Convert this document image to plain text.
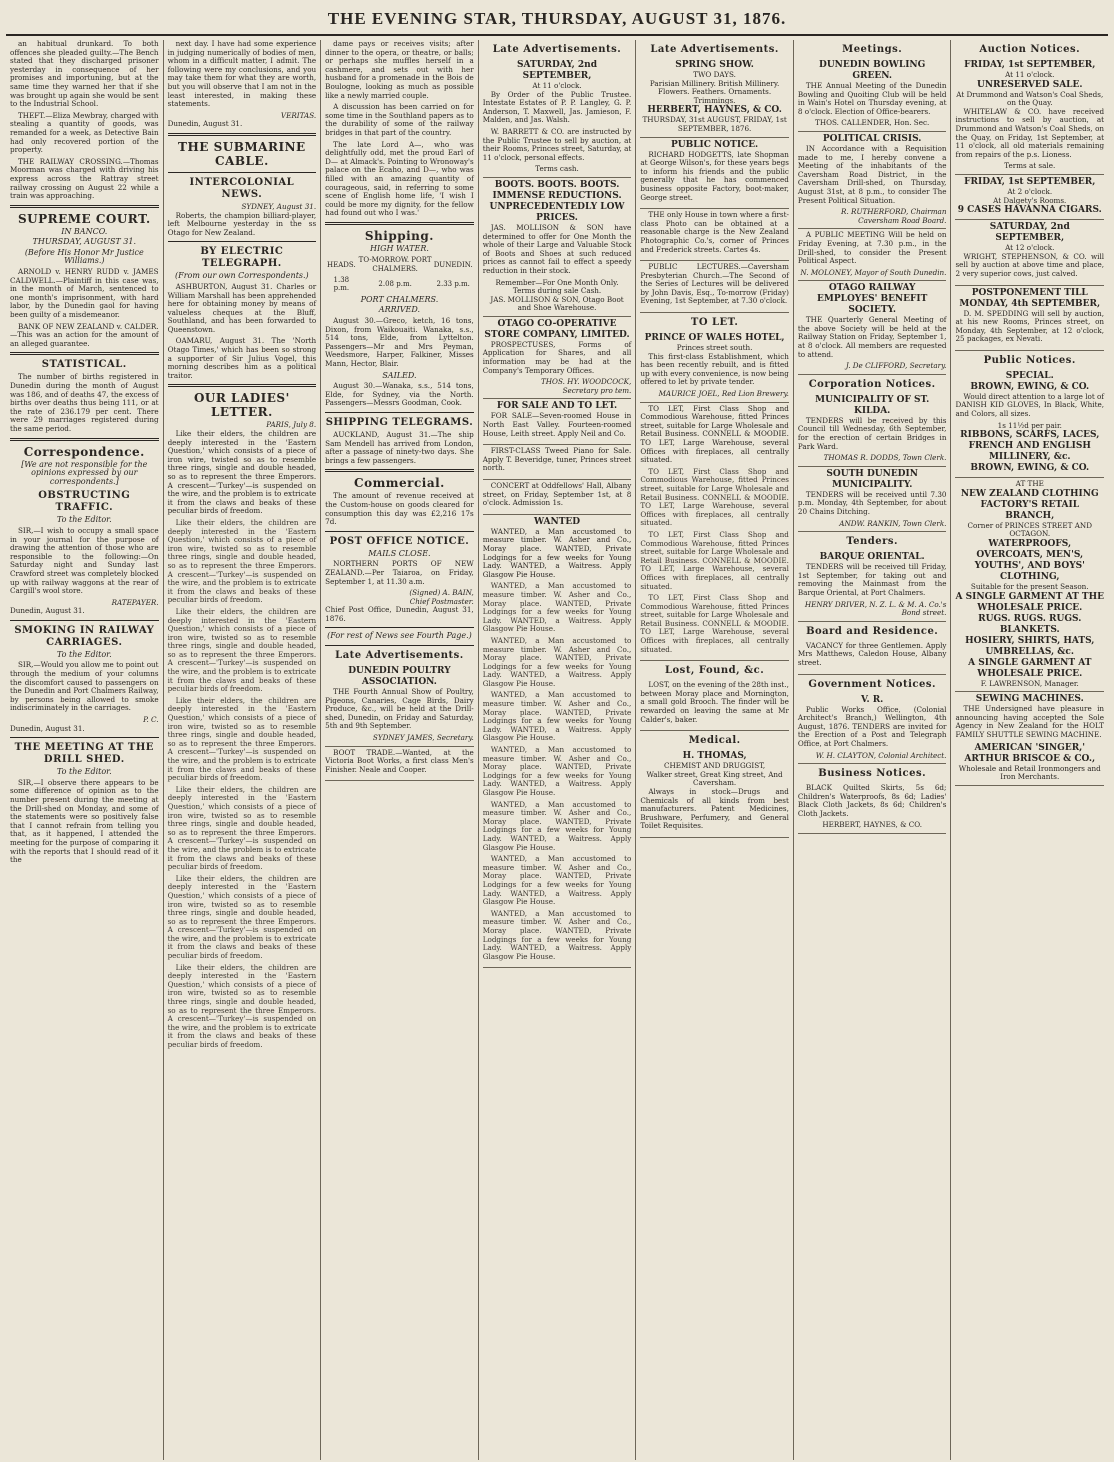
THE EVENING STAR, THURSDAY, AUGUST 31, 1876.

an habitual drunkard. To both offences she pleaded guilty.—The Bench stated that they discharged prisoner yesterday in consequence of her promises and importuning, but at the same time they warned her that if she was brought up again she would be sent to the Industrial School.

THEFT.—Eliza Mewbray, charged with stealing a quantity of goods, was remanded for a week, as Detective Bain had only recovered portion of the property.

THE RAILWAY CROSSING.—Thomas Moorman was charged with driving his express across the Rattray street railway crossing on August 22 while a train was approaching.

SUPREME COURT.
IN BANCO.
THURSDAY, AUGUST 31.
(Before His Honor Mr Justice Williams.)

ARNOLD v. HENRY RUDD v. JAMES CALDWELL.—Plaintiff in this case was, in the month of March, sentenced to one month's imprisonment, with hard labor, by the Dunedin gaol for having been guilty of a misdemeanor.

BANK OF NEW ZEALAND v. CALDER.—This was an action for the amount of an alleged guarantee.

STATISTICAL.

The number of births registered in Dunedin during the month of August was 186, and of deaths 47, the excess of births over deaths thus being 111, or at the rate of 236.179 per cent. There were 29 marriages registered during the same period.

Correspondence.
[We are not responsible for the opinions expressed by our correspondents.]
OBSTRUCTING TRAFFIC.
To the Editor.

SIR,—I wish to occupy a small space in your journal for the purpose of drawing the attention of those who are responsible to the following:—On Saturday night and Sunday last Crawford street was completely blocked up with railway waggons at the rear of Cargill's wool store.

RATEPAYER.
Dunedin, August 31.
SMOKING IN RAILWAY CARRIAGES.
To the Editor.

SIR,—Would you allow me to point out through the medium of your columns the discomfort caused to passengers on the Dunedin and Port Chalmers Railway, by persons being allowed to smoke indiscriminately in the carriages.

P. C.
Dunedin, August 31.
THE MEETING AT THE DRILL SHED.
To the Editor.

SIR,—I observe there appears to be some difference of opinion as to the number present during the meeting at the Drill-shed on Monday, and some of the statements were so positively false that I cannot refrain from telling you that, as it happened, I attended the meeting for the purpose of comparing it with the reports that I should read of it the

next day. I have had some experience in judging numerically of bodies of men, whom in a difficult matter, I admit. The following were my conclusions, and you may take them for what they are worth, but you will observe that I am not in the least interested, in making these statements.

VERITAS.
Dunedin, August 31.
THE SUBMARINE CABLE.
INTERCOLONIAL NEWS.
SYDNEY, August 31.

Roberts, the champion billiard-player, left Melbourne yesterday in the ss Otago for New Zealand.

BY ELECTRIC TELEGRAPH.
(From our own Correspondents.)

ASHBURTON, August 31. Charles or William Marshall has been apprehended here for obtaining money by means of valueless cheques at the Bluff, Southland, and has been forwarded to Queenstown.

OAMARU, August 31. The 'North Otago Times,' which has been so strong a supporter of Sir Julius Vogel, this morning describes him as a political traitor.

OUR LADIES' LETTER.
PARIS, July 8.

Like their elders, the children are deeply interested in the 'Eastern Question,' which consists of a piece of iron wire, twisted so as to resemble three rings, single and double headed, so as to represent the three Emperors. A crescent—'Turkey'—is suspended on the wire, and the problem is to extricate it from the claws and beaks of these peculiar birds of freedom.

Like their elders, the children are deeply interested in the 'Eastern Question,' which consists of a piece of iron wire, twisted so as to resemble three rings, single and double headed, so as to represent the three Emperors. A crescent—'Turkey'—is suspended on the wire, and the problem is to extricate it from the claws and beaks of these peculiar birds of freedom.

Like their elders, the children are deeply interested in the 'Eastern Question,' which consists of a piece of iron wire, twisted so as to resemble three rings, single and double headed, so as to represent the three Emperors. A crescent—'Turkey'—is suspended on the wire, and the problem is to extricate it from the claws and beaks of these peculiar birds of freedom.

Like their elders, the children are deeply interested in the 'Eastern Question,' which consists of a piece of iron wire, twisted so as to resemble three rings, single and double headed, so as to represent the three Emperors. A crescent—'Turkey'—is suspended on the wire, and the problem is to extricate it from the claws and beaks of these peculiar birds of freedom.

Like their elders, the children are deeply interested in the 'Eastern Question,' which consists of a piece of iron wire, twisted so as to resemble three rings, single and double headed, so as to represent the three Emperors. A crescent—'Turkey'—is suspended on the wire, and the problem is to extricate it from the claws and beaks of these peculiar birds of freedom.

Like their elders, the children are deeply interested in the 'Eastern Question,' which consists of a piece of iron wire, twisted so as to resemble three rings, single and double headed, so as to represent the three Emperors. A crescent—'Turkey'—is suspended on the wire, and the problem is to extricate it from the claws and beaks of these peculiar birds of freedom.

Like their elders, the children are deeply interested in the 'Eastern Question,' which consists of a piece of iron wire, twisted so as to resemble three rings, single and double headed, so as to represent the three Emperors. A crescent—'Turkey'—is suspended on the wire, and the problem is to extricate it from the claws and beaks of these peculiar birds of freedom.

dame pays or receives visits; after dinner to the opera, or theatre, or balls; or perhaps she muffles herself in a cashmere, and sets out with her husband for a promenade in the Bois de Boulogne, looking as much as possible like a newly married couple.

A discussion has been carried on for some time in the Southland papers as to the durability of some of the railway bridges in that part of the country.

The late Lord A—, who was delightfully odd, met the proud Earl of D— at Almack's. Pointing to Wronoway's palace on the Ecaho, and D—, who was filled with an amazing quantity of courageous, said, in referring to some scene of English home life, 'I wish I could be more my dignity, for the fellow had found out who I was.'

Shipping.
HIGH WATER.
HEADS.	TO-MORROW. PORT CHALMERS.	DUNEDIN.
1.38 p.m.	2.08 p.m.	2.33 p.m.
PORT CHALMERS.
ARRIVED.

August 30.—Greco, ketch, 16 tons, Dixon, from Waikouaiti. Wanaka, s.s., 514 tons, Elde, from Lyttelton. Passengers—Mr and Mrs Peyman, Weedsmore, Harper, Falkiner, Misses Mann, Hector, Blair.

SAILED.

August 30.—Wanaka, s.s., 514 tons, Elde, for Sydney, via the North. Passengers—Messrs Goodman, Cook.

SHIPPING TELEGRAMS.

AUCKLAND, August 31.—The ship Sam Mendell has arrived from London, after a passage of ninety-two days. She brings a few passengers.

Commercial.

The amount of revenue received at the Custom-house on goods cleared for consumption this day was £2,216 17s 7d.

POST OFFICE NOTICE.
MAILS CLOSE.

NORTHERN PORTS OF NEW ZEALAND.—Per Taiaroa, on Friday, September 1, at 11.30 a.m.

(Signed) A. BAIN,
Chief Postmaster.
Chief Post Office, Dunedin, August 31, 1876.
(For rest of News see Fourth Page.)
Late Advertisements.
DUNEDIN POULTRY ASSOCIATION.

THE Fourth Annual Show of Poultry, Pigeons, Canaries, Cage Birds, Dairy Produce, &c., will be held at the Drill-shed, Dunedin, on Friday and Saturday, 5th and 9th September.

SYDNEY JAMES, Secretary.

BOOT TRADE.—Wanted, at the Victoria Boot Works, a first class Men's Finisher. Neale and Cooper.

Late Advertisements.
SATURDAY, 2nd SEPTEMBER,
At 11 o'clock.

By Order of the Public Trustee. Intestate Estates of P. P. Langley, G. P. Anderson, T. Maxwell, Jas. Jamieson, F. Malden, and Jas. Walsh.

W. BARRETT & CO. are instructed by the Public Trustee to sell by auction, at their Rooms, Princes street, Saturday, at 11 o'clock, personal effects.

Terms cash.
BOOTS. BOOTS. BOOTS.
IMMENSE REDUCTIONS.
UNPRECEDENTEDLY LOW PRICES.

JAS. MOLLISON & SON have determined to offer for One Month the whole of their Large and Valuable Stock of Boots and Shoes at such reduced prices as cannot fail to effect a speedy reduction in their stock.

Remember—For One Month Only.
Terms during sale Cash.
JAS. MOLLISON & SON, Otago Boot and Shoe Warehouse.
OTAGO CO-OPERATIVE STORE COMPANY, LIMITED.

PROSPECTUSES, Forms of Application for Shares, and all information may be had at the Company's Temporary Offices.

THOS. HY. WOODCOCK,
Secretary pro tem.
FOR SALE AND TO LET.

FOR SALE—Seven-roomed House in North East Valley. Fourteen-roomed House, Leith street. Apply Neil and Co.

FIRST-CLASS Tweed Piano for Sale. Apply T. Beveridge, tuner, Princes street north.

CONCERT at Oddfellows' Hall, Albany street, on Friday, September 1st, at 8 o'clock. Admission 1s.

WANTED

WANTED, a Man accustomed to measure timber. W. Asher and Co., Moray place. WANTED, Private Lodgings for a few weeks for Young Lady. WANTED, a Waitress. Apply Glasgow Pie House.

WANTED, a Man accustomed to measure timber. W. Asher and Co., Moray place. WANTED, Private Lodgings for a few weeks for Young Lady. WANTED, a Waitress. Apply Glasgow Pie House.

WANTED, a Man accustomed to measure timber. W. Asher and Co., Moray place. WANTED, Private Lodgings for a few weeks for Young Lady. WANTED, a Waitress. Apply Glasgow Pie House.

WANTED, a Man accustomed to measure timber. W. Asher and Co., Moray place. WANTED, Private Lodgings for a few weeks for Young Lady. WANTED, a Waitress. Apply Glasgow Pie House.

WANTED, a Man accustomed to measure timber. W. Asher and Co., Moray place. WANTED, Private Lodgings for a few weeks for Young Lady. WANTED, a Waitress. Apply Glasgow Pie House.

WANTED, a Man accustomed to measure timber. W. Asher and Co., Moray place. WANTED, Private Lodgings for a few weeks for Young Lady. WANTED, a Waitress. Apply Glasgow Pie House.

WANTED, a Man accustomed to measure timber. W. Asher and Co., Moray place. WANTED, Private Lodgings for a few weeks for Young Lady. WANTED, a Waitress. Apply Glasgow Pie House.

WANTED, a Man accustomed to measure timber. W. Asher and Co., Moray place. WANTED, Private Lodgings for a few weeks for Young Lady. WANTED, a Waitress. Apply Glasgow Pie House.

Late Advertisements.
SPRING SHOW.
TWO DAYS.
Parisian Millinery. British Millinery. Flowers. Feathers. Ornaments. Trimmings.
HERBERT, HAYNES, & CO.
THURSDAY, 31st AUGUST, FRIDAY, 1st SEPTEMBER, 1876.
PUBLIC NOTICE.

RICHARD HODGETTS, late Shopman at George Wilson's, for these years begs to inform his friends and the public generally that he has commenced business opposite Factory, boot-maker, George street.

THE only House in town where a first-class Photo can be obtained at a reasonable charge is the New Zealand Photographic Co.'s, corner of Princes and Frederick streets. Cartes 4s.

PUBLIC LECTURES.—Caversham Presbyterian Church.—The Second of the Series of Lectures will be delivered by John Davis, Esq., To-morrow (Friday) Evening, 1st September, at 7.30 o'clock.

TO LET.
PRINCE OF WALES HOTEL,
Princes street south.

This first-class Establishment, which has been recently rebuilt, and is fitted up with every convenience, is now being offered to let by private tender.

MAURICE JOEL, Red Lion Brewery.

TO LET, First Class Shop and Commodious Warehouse, fitted Princes street, suitable for Large Wholesale and Retail Business. CONNELL & MOODIE. TO LET, Large Warehouse, several Offices with fireplaces, all centrally situated.

TO LET, First Class Shop and Commodious Warehouse, fitted Princes street, suitable for Large Wholesale and Retail Business. CONNELL & MOODIE. TO LET, Large Warehouse, several Offices with fireplaces, all centrally situated.

TO LET, First Class Shop and Commodious Warehouse, fitted Princes street, suitable for Large Wholesale and Retail Business. CONNELL & MOODIE. TO LET, Large Warehouse, several Offices with fireplaces, all centrally situated.

TO LET, First Class Shop and Commodious Warehouse, fitted Princes street, suitable for Large Wholesale and Retail Business. CONNELL & MOODIE. TO LET, Large Warehouse, several Offices with fireplaces, all centrally situated.

Lost, Found, &c.

LOST, on the evening of the 28th inst., between Moray place and Mornington, a small gold Brooch. The finder will be rewarded on leaving the same at Mr Calder's, baker.

Medical.
H. THOMAS,
CHEMIST AND DRUGGIST,
Walker street, Great King street, And Caversham.

Always in stock—Drugs and Chemicals of all kinds from best manufacturers. Patent Medicines, Brushware, Perfumery, and General Toilet Requisites.

Meetings.
DUNEDIN BOWLING GREEN.

THE Annual Meeting of the Dunedin Bowling and Quoiting Club will be held in Wain's Hotel on Thursday evening, at 8 o'clock. Election of Office-bearers.

THOS. CALLENDER, Hon. Sec.
POLITICAL CRISIS.

IN Accordance with a Requisition made to me, I hereby convene a Meeting of the inhabitants of the Caversham Road District, in the Caversham Drill-shed, on Thursday, August 31st, at 8 p.m., to consider The Present Political Situation.

R. RUTHERFORD, Chairman Caversham Road Board.

A PUBLIC MEETING Will be held on Friday Evening, at 7.30 p.m., in the Drill-shed, to consider the Present Political Aspect.

N. MOLONEY, Mayor of South Dunedin.
OTAGO RAILWAY EMPLOYES' BENEFIT SOCIETY.

THE Quarterly General Meeting of the above Society will be held at the Railway Station on Friday, September 1, at 8 o'clock. All members are requested to attend.

J. De CLIFFORD, Secretary.
Corporation Notices.
MUNICIPALITY OF ST. KILDA.

TENDERS will be received by this Council till Wednesday, 6th September, for the erection of certain Bridges in Park Ward.

THOMAS R. DODDS, Town Clerk.
SOUTH DUNEDIN MUNICIPALITY.

TENDERS will be received until 7.30 p.m. Monday, 4th September, for about 20 Chains Ditching.

ANDW. RANKIN, Town Clerk.
Tenders.
BARQUE ORIENTAL.

TENDERS will be received till Friday, 1st September, for taking out and removing the Mainmast from the Barque Oriental, at Port Chalmers.

HENRY DRIVER, N. Z. L. & M. A. Co.'s Bond street.
Board and Residence.

VACANCY for three Gentlemen. Apply Mrs Matthews, Caledon House, Albany street.

Government Notices.
V. R.

Public Works Office, (Colonial Architect's Branch,) Wellington, 4th August, 1876. TENDERS are invited for the Erection of a Post and Telegraph Office, at Port Chalmers.

W. H. CLAYTON, Colonial Architect.
Business Notices.

BLACK Quilted Skirts, 5s 6d; Children's Waterproofs, 8s 6d; Ladies' Black Cloth Jackets, 8s 6d; Children's Cloth Jackets.

HERBERT, HAYNES, & CO.
Auction Notices.
FRIDAY, 1st SEPTEMBER,
At 11 o'clock.
UNRESERVED SALE.
At Drummond and Watson's Coal Sheds, on the Quay.

WHITELAW & CO. have received instructions to sell by auction, at Drummond and Watson's Coal Sheds, on the Quay, on Friday, 1st September, at 11 o'clock, all old materials remaining from repairs of the p.s. Lioness.

Terms at sale.
FRIDAY, 1st SEPTEMBER,
At 2 o'clock.
At Dalgety's Rooms.
9 CASES HAVANNA CIGARS.
SATURDAY, 2nd SEPTEMBER,
At 12 o'clock.

WRIGHT, STEPHENSON, & CO. will sell by auction at above time and place, 2 very superior cows, just calved.

POSTPONEMENT TILL MONDAY, 4th SEPTEMBER,

D. M. SPEDDING will sell by auction, at his new Rooms, Princes street, on Monday, 4th September, at 12 o'clock, 25 packages, ex Nevati.

Public Notices.
SPECIAL.
BROWN, EWING, & CO.

Would direct attention to a large lot of DANISH KID GLOVES, In Black, White, and Colors, all sizes.

1s 11½d per pair.
RIBBONS, SCARFS, LACES,
FRENCH AND ENGLISH MILLINERY, &c.
BROWN, EWING, & CO.
AT THE
NEW ZEALAND CLOTHING FACTORY'S RETAIL BRANCH,
Corner of PRINCES STREET AND OCTAGON.
WATERPROOFS, OVERCOATS, MEN'S, YOUTHS', AND BOYS' CLOTHING,
Suitable for the present Season.
A SINGLE GARMENT AT THE WHOLESALE PRICE.
RUGS. RUGS. RUGS.
BLANKETS.
HOSIERY, SHIRTS, HATS, UMBRELLAS, &c.
A SINGLE GARMENT AT WHOLESALE PRICE.
F. LAWRENSON, Manager.
SEWING MACHINES.

THE Undersigned have pleasure in announcing having accepted the Sole Agency in New Zealand for the HOLT FAMILY SHUTTLE SEWING MACHINE.

AMERICAN 'SINGER,'
ARTHUR BRISCOE & CO.,
Wholesale and Retail Ironmongers and Iron Merchants.
